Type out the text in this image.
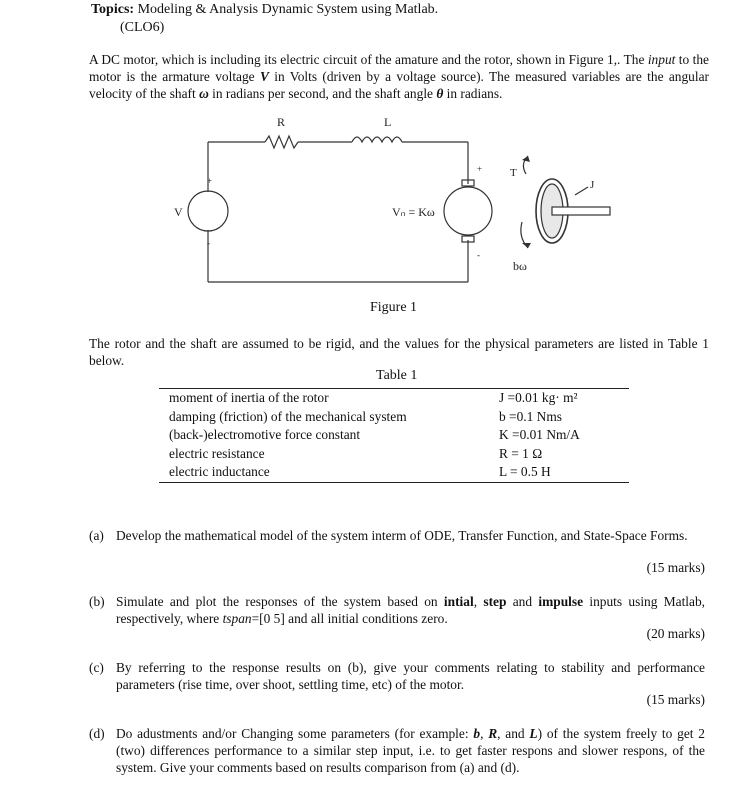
Topics: Modeling & Analysis Dynamic System using Matlab.
(CLO6)
A DC motor, which is including its electric circuit of the amature and the rotor, shown in Figure 1,. The input to the motor is the armature voltage V in Volts (driven by a voltage source). The measured variables are the angular velocity of the shaft ω in radians per second, and the shaft angle θ in radians.
R	L
V
+
-
+
-
Vₙ = Kω
T
J
bω
Figure 1
The rotor and the shaft are assumed to be rigid, and the values for the physical parameters are listed in Table 1 below.
Table 1
moment of inertia of the rotor	J =0.01 kg· m²
damping (friction) of the mechanical system	b =0.1 Nms
(back-)electromotive force constant	K =0.01 Nm/A
electric resistance	R = 1 Ω
electric inductance	L = 0.5 H
(a) Develop the mathematical model of the system interm of ODE, Transfer Function, and State-Space Forms.
(15 marks)
(b) Simulate and plot the responses of the system based on intial, step and impulse inputs using Matlab, respectively, where tspan=[0 5] and all initial conditions zero.
(20 marks)
(c) By referring to the response results on (b), give your comments relating to stability and performance parameters (rise time, over shoot, settling time, etc) of the motor.
(15 marks)
(d) Do adustments and/or Changing some parameters (for example: b, R, and L) of the system freely to get 2 (two) differences performance to a similar step input, i.e. to get faster respons and slower respons, of the system. Give your comments based on results comparison from (a) and (d).
